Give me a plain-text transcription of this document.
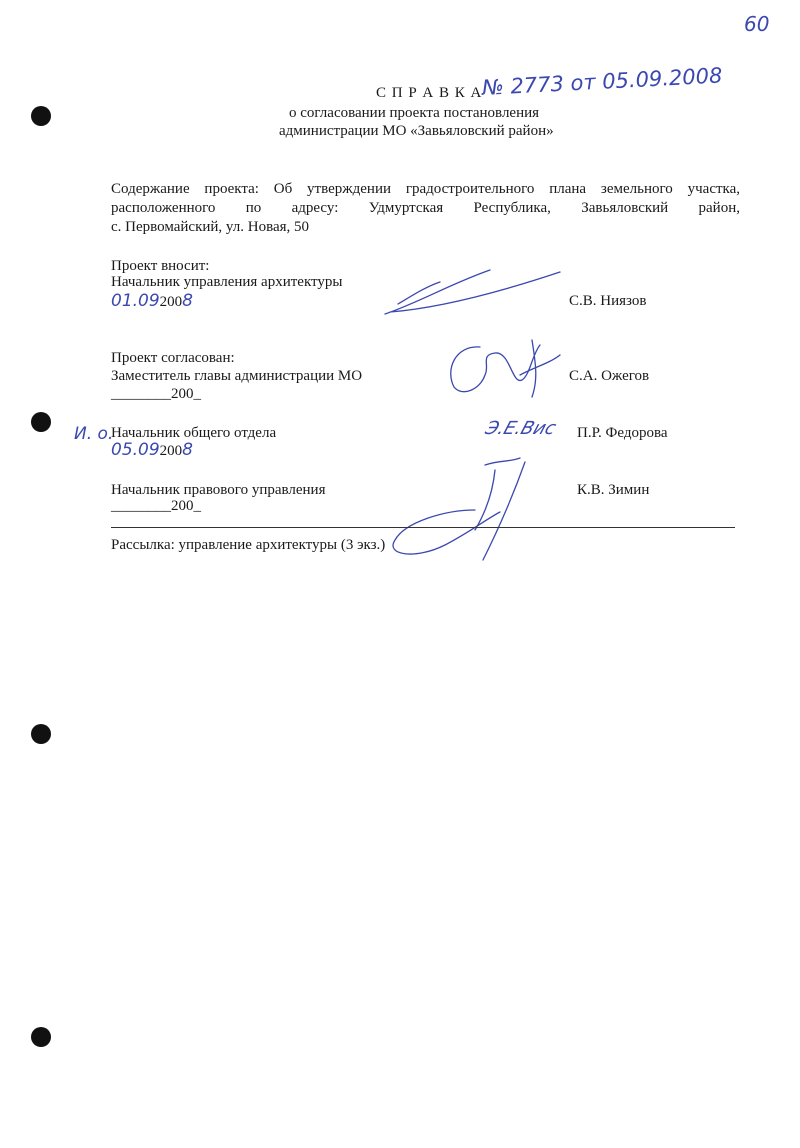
60
С П Р А В К А № 2773 от 05.09.2008
о согласовании проекта постановления
администрации МО «Завьяловский район»
Содержание проекта: Об утверждении градостроительного плана земельного участка,
расположенного по адресу: Удмуртская Республика, Завьяловский район,
с. Первомайский, ул. Новая, 50
Проект вносит:
Начальник управления архитектуры
01.092008	С.В. Ниязов
Проект согласован:
Заместитель главы администрации МО
________200_
С.А. Ожегов
И. о.
Начальник общего отдела
05.092008
Э.Е.Вис П.Р. Федорова
Начальник правового управления
________200_
К.В. Зимин
Рассылка: управление архитектуры (3 экз.)
